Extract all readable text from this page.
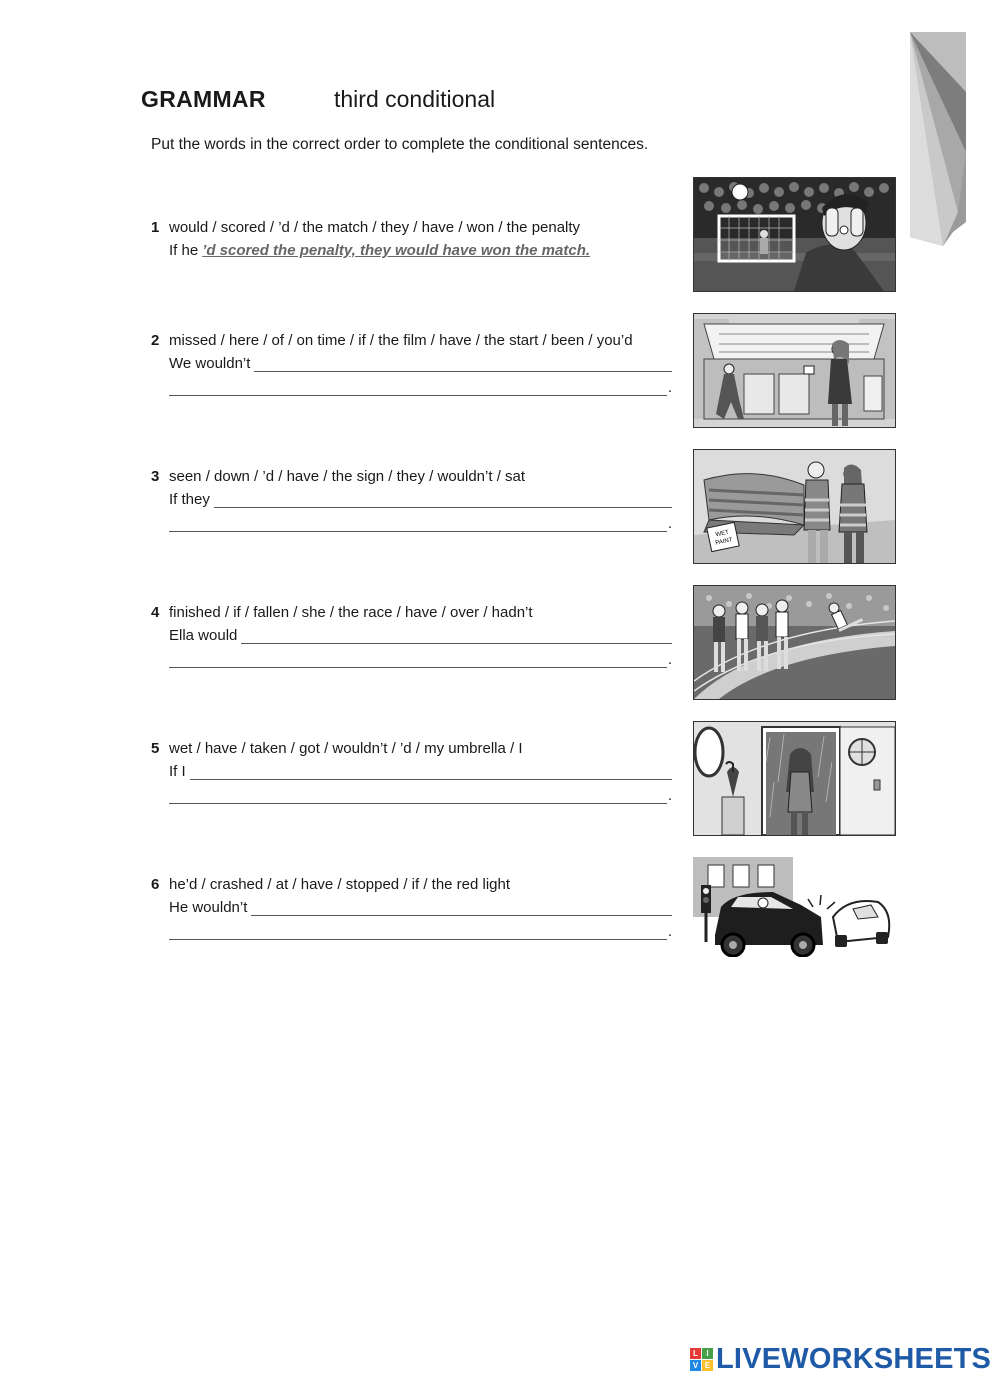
GRAMMAR	third conditional
Put the words in the correct order to complete the conditional sentences.
1 would / scored / ’d / the match / they / have / won / the penalty
If he ’d scored the penalty, they would have won the match.
2 missed / here / of / on time / if / the film / have / the start / been / you’d
We wouldn’t
.
3 seen / down / ’d / have / the sign / they / wouldn’t / sat
If they
.
4 finished / if / fallen / she / the race / have / over / hadn’t
Ella would
.
5 wet / have / taken / got / wouldn’t / ’d / my umbrella / I
If I
.
6 he’d / crashed / at / have / stopped / if / the red light
He wouldn’t
.
WET
PAINT
L	I
V E LIVEWORKSHEETS
